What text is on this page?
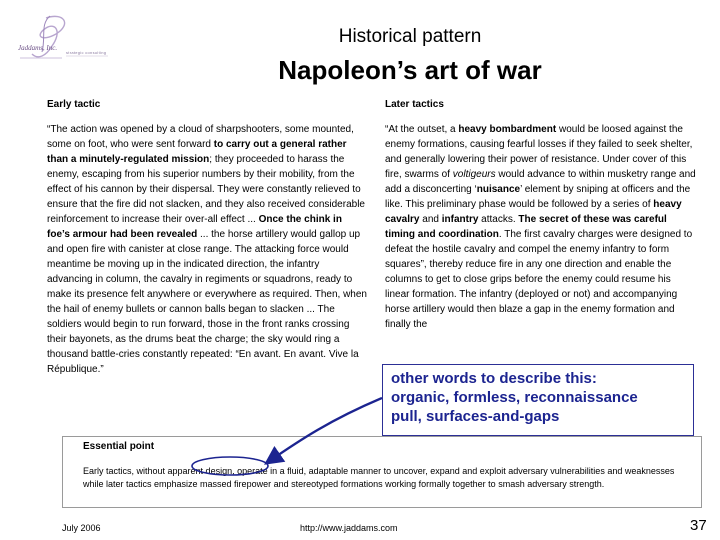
Jaddams, Inc.
strategic consulting
Historical pattern
Napoleon’s art of war
Early tactic	Later tactics
“The action was opened by a cloud of sharpshooters, some mounted, some on foot, who were sent forward to carry out a general rather than a minutely-regulated mission; they proceeded to harass the enemy, escaping from his superior numbers by their mobility, from the effect of his cannon by their dispersal. They were constantly relieved to ensure that the fire did not slacken, and they also received considerable reinforcement to increase their over-all effect ... Once the chink in foe’s armour had been revealed ... the horse artillery would gallop up and open fire with canister at close range. The attacking force would meantime be moving up in the indicated direction, the infantry advancing in column, the cavalry in regiments or squadrons, ready to make its presence felt anywhere or everywhere as required. Then, when the hail of enemy bullets or cannon balls began to slacken ... The soldiers would begin to run forward, those in the front ranks crossing their bayonets, as the drums beat the charge; the sky would ring a thousand battle-cries constantly repeated: “En avant. En avant. Vive la République.”
“At the outset, a heavy bombardment would be loosed against the enemy formations, causing fearful losses if they failed to seek shelter, and generally lowering their power of resistance. Under cover of this fire, swarms of voltigeurs would advance to within musketry range and add a disconcerting ‘nuisance’ element by sniping at officers and the like. This preliminary phase would be followed by a series of heavy cavalry and infantry attacks. The secret of these was careful timing and coordination. The first cavalry charges were designed to defeat the hostile cavalry and compel the enemy infantry to form squares”, thereby reduce fire in any one direction and enable the columns to get to close grips before the enemy could resume his linear formation. The infantry (deployed or not) and accompanying horse artillery would then blaze a gap in the enemy formation and finally the
other words to describe this:
organic, formless, reconnaissance
pull, surfaces-and-gaps
Essential point
Early tactics, without apparent design, operate in a fluid, adaptable manner to uncover, expand and exploit adversary vulnerabilities and weaknesses while later tactics emphasize massed firepower and stereotyped formations working formally together to smash adversary strength.
July 2006	http://www.jaddams.com	37
